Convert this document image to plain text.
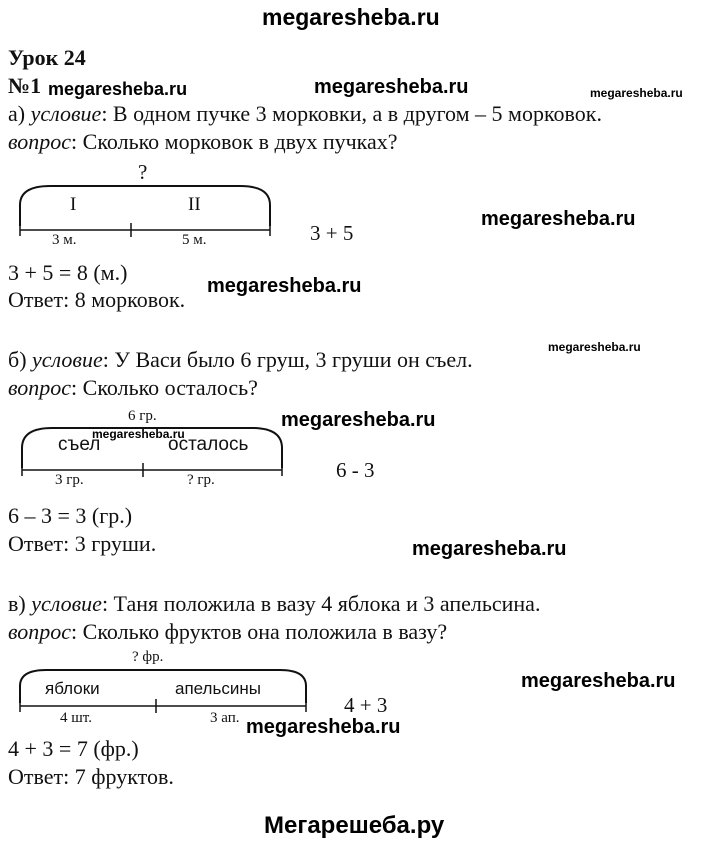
megaresheba.ru
Урок 24
№1 megaresheba.ru	megaresheba.ru	megaresheba.ru
а) условие: В одном пучке 3 морковки, а в другом – 5 морковок.
вопрос: Сколько морковок в двух пучках?
?
I	II
3 м.	5 м.	3 + 5
megaresheba.ru
3 + 5 = 8 (м.)
Ответ: 8 морковок.
megaresheba.ru
megaresheba.ru
б) условие: У Васи было 6 груш, 3 груши он съел.
вопрос: Сколько осталось?
6 гр.
съел	осталось
3 гр.	? гр.
megaresheba.ru
megaresheba.ru
6 - 3
6 – 3 = 3 (гр.)
Ответ: 3 груши.	megaresheba.ru
в) условие: Таня положила в вазу 4 яблока и 3 апельсина.
вопрос: Сколько фруктов она положила в вазу?
? фр.
яблоки	апельсины
4 шт.	3 ап. megaresheba.ru
4 + 3
megaresheba.ru
4 + 3 = 7 (фр.)
Ответ: 7 фруктов.
Мегарешеба.ру
